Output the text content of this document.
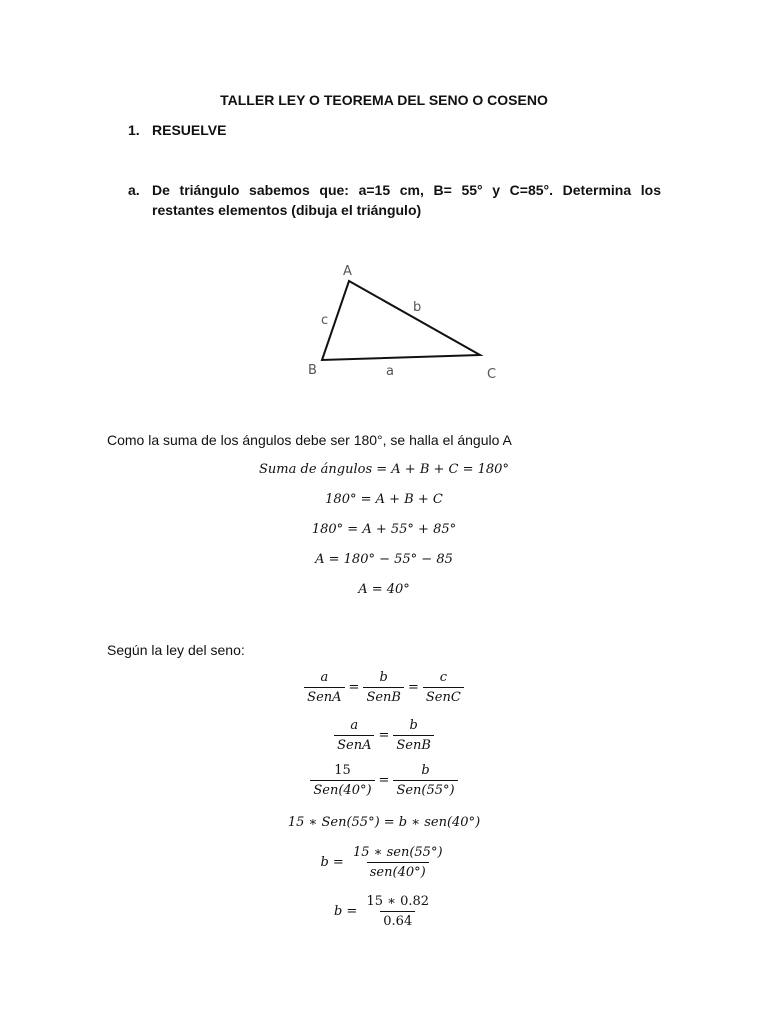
TALLER LEY O TEOREMA DEL SENO O COSENO
1. RESUELVE
a. De triángulo sabemos que: a=15 cm, B= 55° y C=85°. Determina los restantes elementos (dibuja el triángulo)
A
B	C
a
b
c
Como la suma de los ángulos debe ser 180°, se halla el ángulo A
Suma de ángulos = A + B + C = 180°
180° = A + B + C
180° = A + 55° + 85°
A = 180° − 55° − 85
A = 40°
Según la ley del seno:
$\frac{a}{\text{SenA}} = \frac{b}{\text{SenB}} = \frac{c}{\text{SenC}}$
$\frac{a}{\text{SenA}} = \frac{b}{\text{SenB}}$
$\frac{15}{\text{Sen(40°)}} = \frac{b}{\text{Sen(55°)}}$
15 ∗ Sen(55°) = b ∗ sen(40°)
$b = \frac{\text{15 ∗ sen(55°)}}{\text{sen(40°)}}$
$b = \frac{15 ∗ 0.82}{0.64}$
